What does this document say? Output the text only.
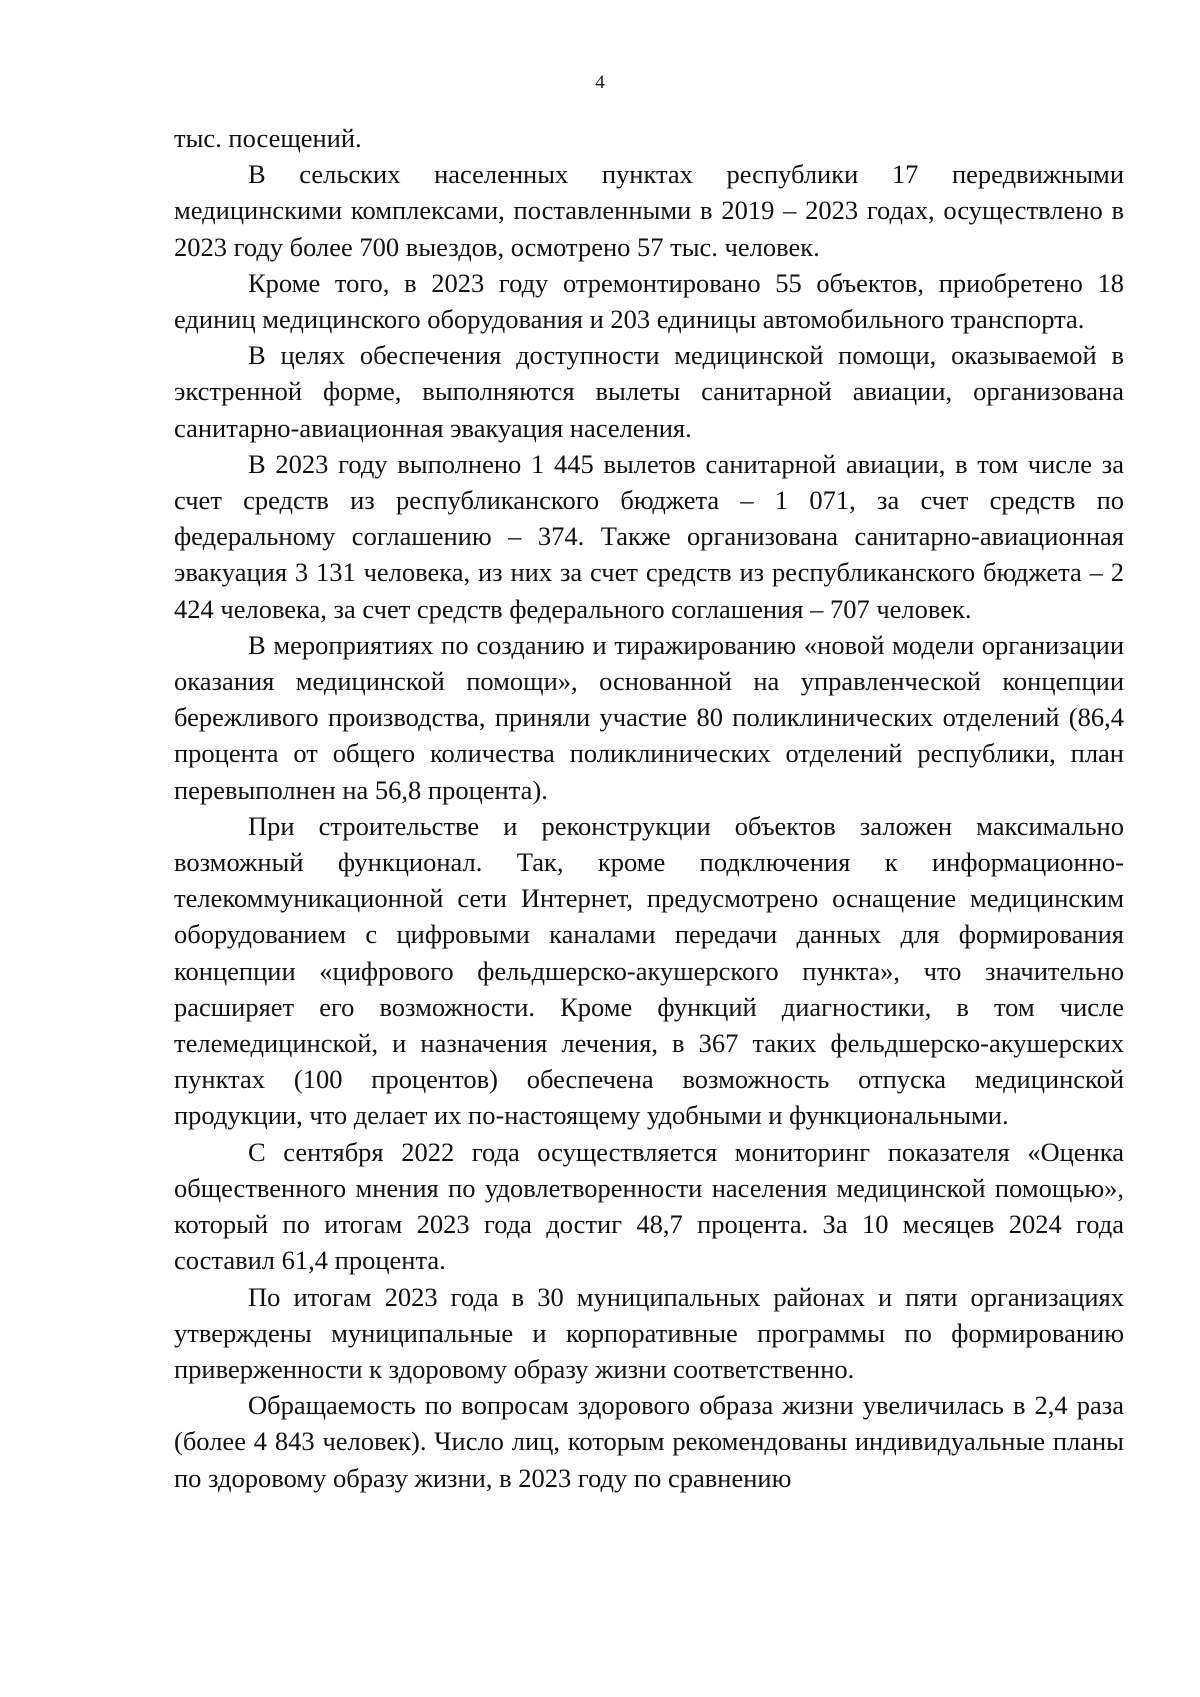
4

тыс. посещений.

В сельских населенных пунктах республики 17 передвижными медицинскими комплексами, поставленными в 2019 – 2023 годах, осуществлено в 2023 году более 700 выездов, осмотрено 57 тыс. человек.

Кроме того, в 2023 году отремонтировано 55 объектов, приобретено 18 единиц медицинского оборудования и 203 единицы автомобильного транспорта.

В целях обеспечения доступности медицинской помощи, оказываемой в экстренной форме, выполняются вылеты санитарной авиации, организована санитарно-авиационная эвакуация населения.

В 2023 году выполнено 1 445 вылетов санитарной авиации, в том числе за счет средств из республиканского бюджета – 1 071, за счет средств по федеральному соглашению – 374. Также организована санитарно-авиационная эвакуация 3 131 человека, из них за счет средств из республиканского бюджета – 2 424 человека, за счет средств федерального соглашения – 707 человек.

В мероприятиях по созданию и тиражированию «новой модели организации оказания медицинской помощи», основанной на управленческой концепции бережливого производства, приняли участие 80 поликлинических отделений (86,4 процента от общего количества поликлинических отделений республики, план перевыполнен на 56,8 процента).

При строительстве и реконструкции объектов заложен максимально возможный функционал. Так, кроме подключения к информационно-телекоммуникационной сети Интернет, предусмотрено оснащение медицинским оборудованием с цифровыми каналами передачи данных для формирования концепции «цифрового фельдшерско-акушерского пункта», что значительно расширяет его возможности. Кроме функций диагностики, в том числе телемедицинской, и назначения лечения, в 367 таких фельдшерско-акушерских пунктах (100 процентов) обеспечена возможность отпуска медицинской продукции, что делает их по-настоящему удобными и функциональными.

С сентября 2022 года осуществляется мониторинг показателя «Оценка общественного мнения по удовлетворенности населения медицинской помощью», который по итогам 2023 года достиг 48,7 процента. За 10 месяцев 2024 года составил 61,4 процента.

По итогам 2023 года в 30 муниципальных районах и пяти организациях утверждены муниципальные и корпоративные программы по формированию приверженности к здоровому образу жизни соответственно.

Обращаемость по вопросам здорового образа жизни увеличилась в 2,4 раза (более 4 843 человек). Число лиц, которым рекомендованы индивидуальные планы по здоровому образу жизни, в 2023 году по сравнению
